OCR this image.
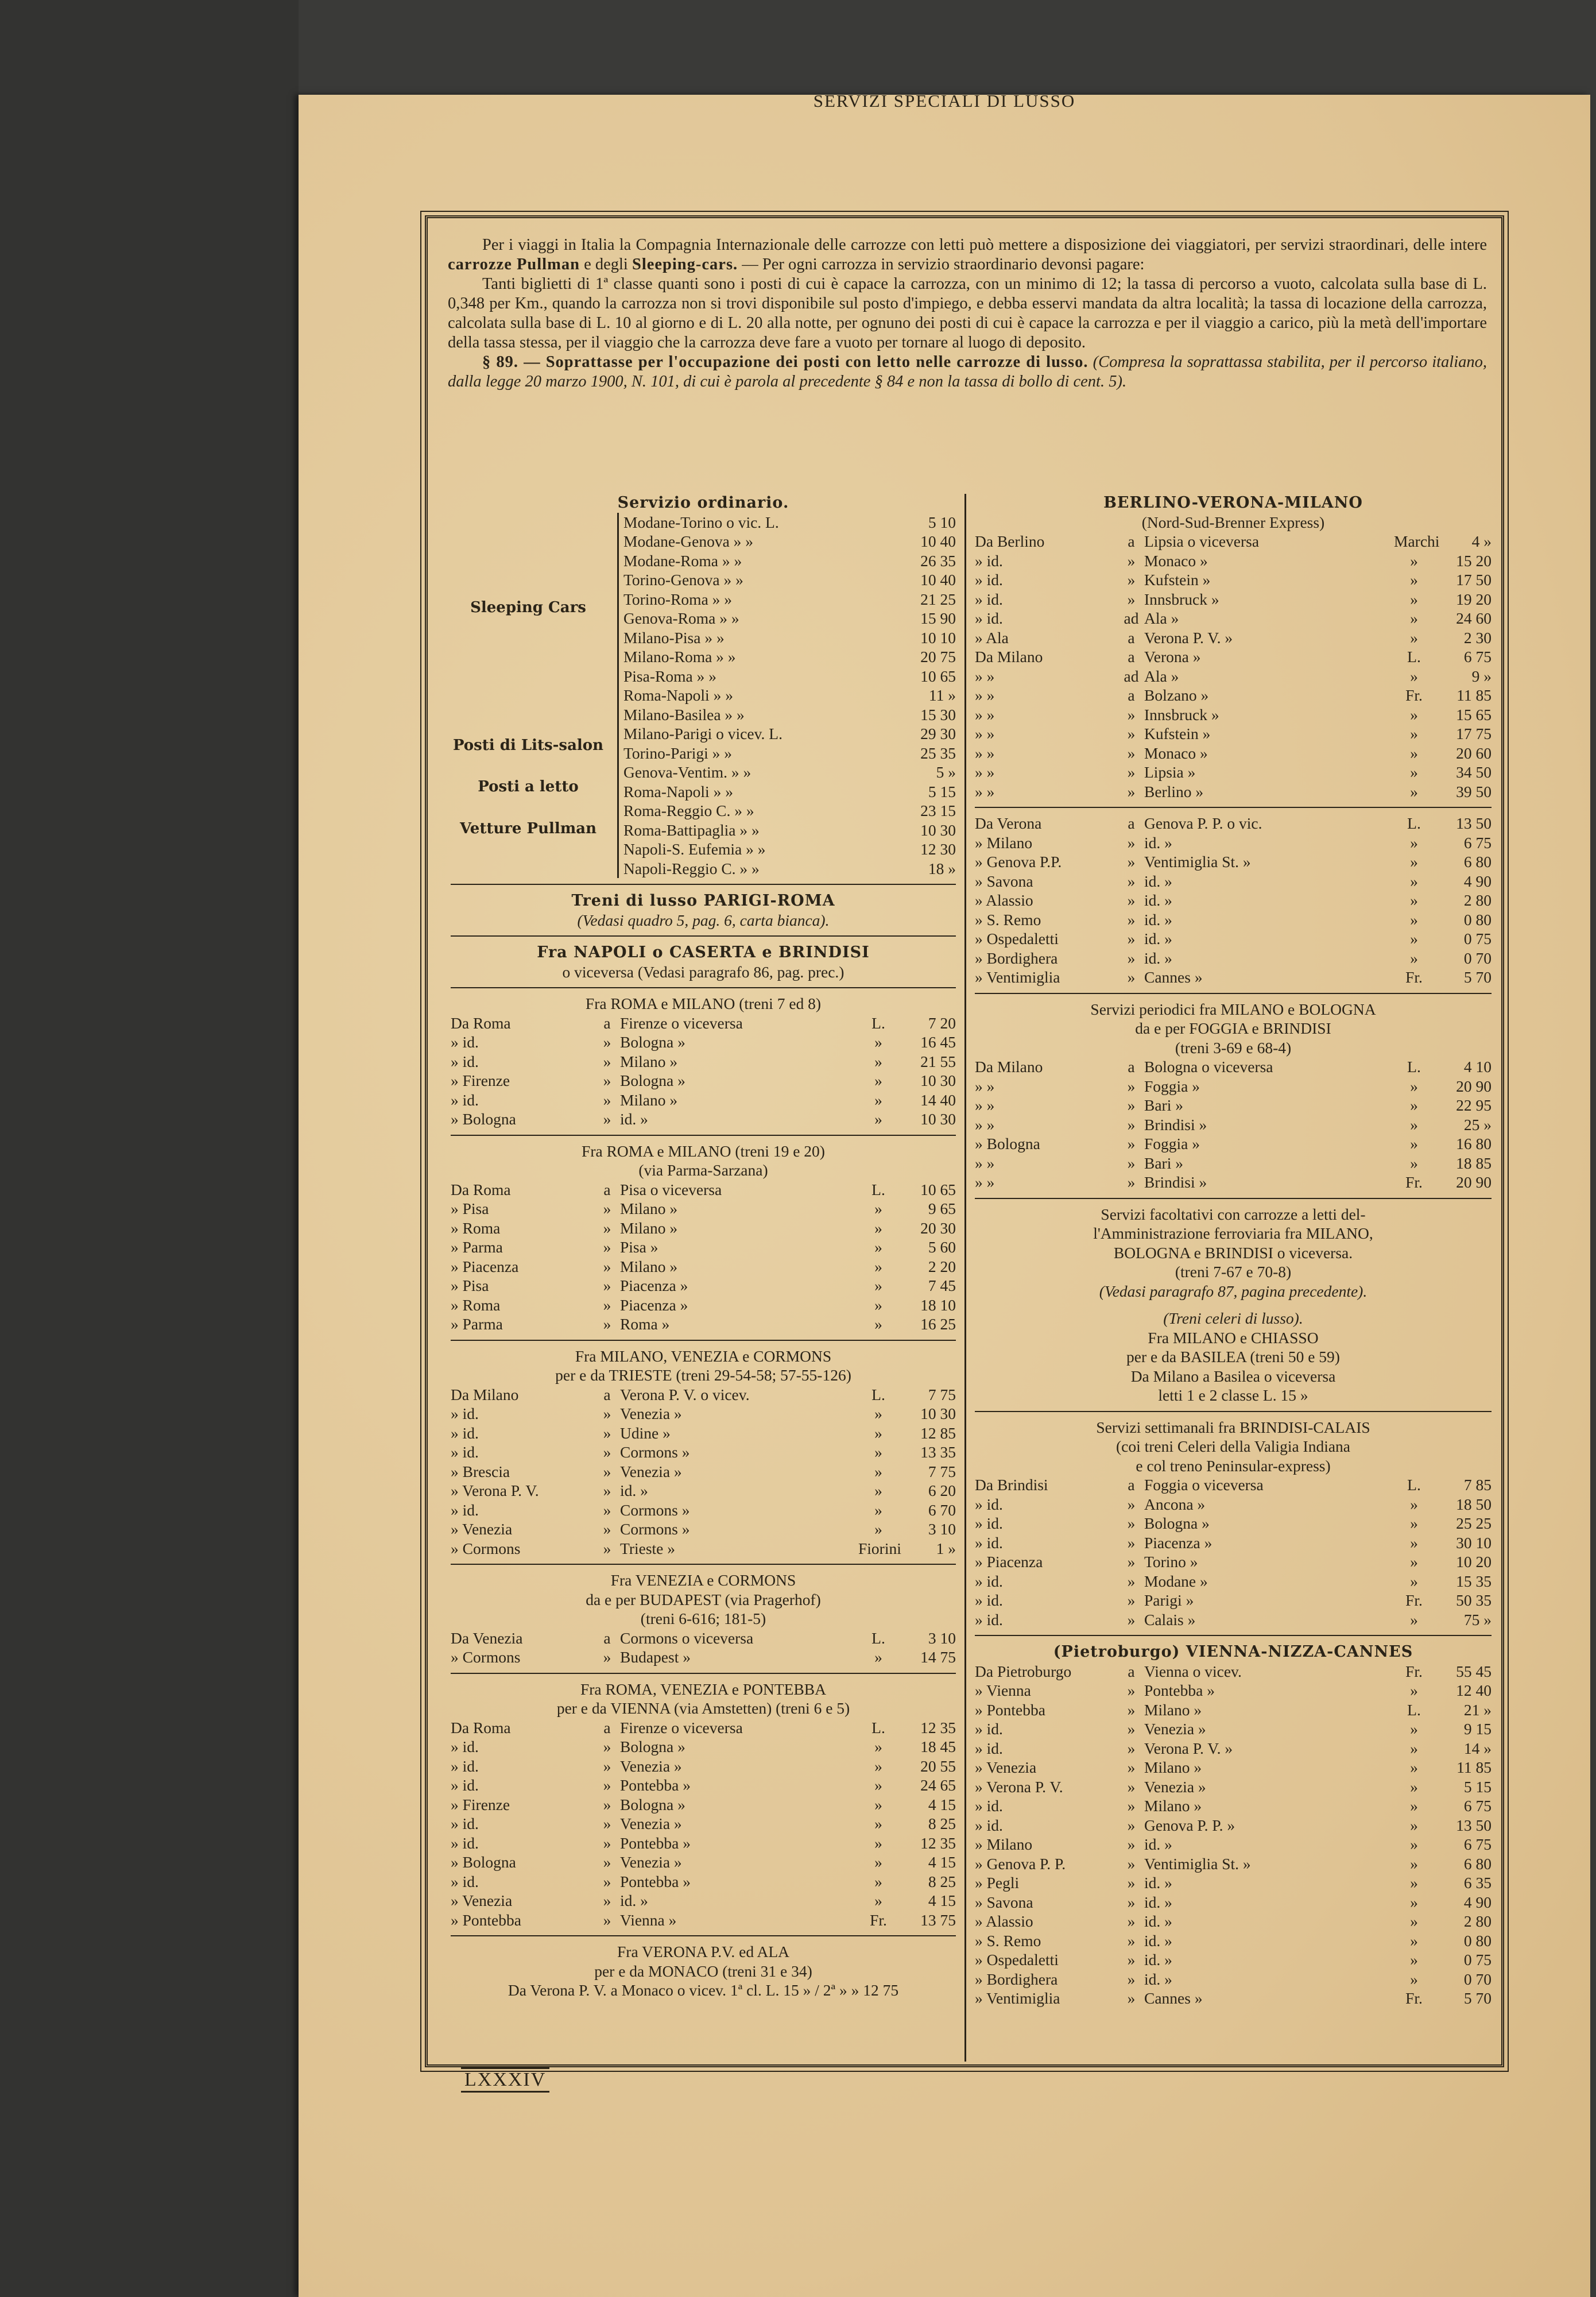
SERVIZI SPECIALI DI LUSSO

Per i viaggi in Italia la Compagnia Internazionale delle carrozze con letti può mettere a disposizione dei viaggiatori, per servizi straordinari, delle intere carrozze Pullman e degli Sleeping-cars. — Per ogni carrozza in servizio straordinario devonsi pagare:

Tanti biglietti di 1ª classe quanti sono i posti di cui è capace la carrozza, con un minimo di 12; la tassa di percorso a vuoto, calcolata sulla base di L. 0,348 per Km., quando la carrozza non si trovi disponibile sul posto d'impiego, e debba esservi mandata da altra località; la tassa di locazione della carrozza, calcolata sulla base di L. 10 al giorno e di L. 20 alla notte, per ognuno dei posti di cui è capace la carrozza e per il viaggio a carico, più la metà dell'importare della tassa stessa, per il viaggio che la carrozza deve fare a vuoto per tornare al luogo di deposito.

§ 89. — Soprattasse per l'occupazione dei posti con letto nelle carrozze di lusso. (Compresa la soprattassa stabilita, per il percorso italiano, dalla legge 20 marzo 1900, N. 101, di cui è parola al precedente § 84 e non la tassa di bollo di cent. 5).

Servizio ordinario.
Sleeping Cars
Posti di Lits-salon
Posti a letto
Vetture Pullman
Modane-Torino o vic. L.	5 10
Modane-Genova » »	10 40
Modane-Roma » »	26 35
Torino-Genova » »	10 40
Torino-Roma » »	21 25
Genova-Roma » »	15 90
Milano-Pisa » »	10 10
Milano-Roma » »	20 75
Pisa-Roma » »	10 65
Roma-Napoli » »	11 »
Milano-Basilea » »	15 30
Milano-Parigi o vicev. L.	29 30
Torino-Parigi » »	25 35
Genova-Ventim. » »	5 »
Roma-Napoli » »	5 15
Roma-Reggio C. » »	23 15
Roma-Battipaglia » »	10 30
Napoli-S. Eufemia » »	12 30
Napoli-Reggio C. » »	18 »
Treni di lusso PARIGI-ROMA
(Vedasi quadro 5, pag. 6, carta bianca).
Fra NAPOLI o CASERTA e BRINDISI
o viceversa (Vedasi paragrafo 86, pag. prec.)
Fra ROMA e MILANO (treni 7 ed 8)
Da Roma	a Firenze o viceversa	L.	7 20
» id.	» Bologna »	»	16 45
» id.	» Milano »	»	21 55
» Firenze	» Bologna »	»	10 30
» id.	» Milano »	»	14 40
» Bologna	» id. »	»	10 30
Fra ROMA e MILANO (treni 19 e 20)
(via Parma-Sarzana)
Da Roma	a Pisa o viceversa	L.	10 65
» Pisa	» Milano »	»	9 65
» Roma	» Milano »	»	20 30
» Parma	» Pisa »	»	5 60
» Piacenza	» Milano »	»	2 20
» Pisa	» Piacenza »	»	7 45
» Roma	» Piacenza »	»	18 10
» Parma	» Roma »	»	16 25
Fra MILANO, VENEZIA e CORMONS
per e da TRIESTE (treni 29-54-58; 57-55-126)
Da Milano	a Verona P. V. o vicev.	L.	7 75
» id.	» Venezia »	»	10 30
» id.	» Udine »	»	12 85
» id.	» Cormons »	»	13 35
» Brescia	» Venezia »	»	7 75
» Verona P. V.	» id. »	»	6 20
» id.	» Cormons »	»	6 70
» Venezia	» Cormons »	»	3 10
» Cormons	» Trieste »	Fiorini	1 »
Fra VENEZIA e CORMONS
da e per BUDAPEST (via Pragerhof)
(treni 6-616; 181-5)
Da Venezia	a Cormons o viceversa	L.	3 10
» Cormons	» Budapest »	»	14 75
Fra ROMA, VENEZIA e PONTEBBA
per e da VIENNA (via Amstetten) (treni 6 e 5)
Da Roma	a Firenze o viceversa	L.	12 35
» id.	» Bologna »	»	18 45
» id.	» Venezia »	»	20 55
» id.	» Pontebba »	»	24 65
» Firenze	» Bologna »	»	4 15
» id.	» Venezia »	»	8 25
» id.	» Pontebba »	»	12 35
» Bologna	» Venezia »	»	4 15
» id.	» Pontebba »	»	8 25
» Venezia	» id. »	»	4 15
» Pontebba	» Vienna »	Fr.	13 75
Fra VERONA P.V. ed ALA
per e da MONACO (treni 31 e 34)
Da Verona P. V. a Monaco o vicev. 1ª cl. L. 15 » / 2ª » » 12 75
BERLINO-VERONA-MILANO
(Nord-Sud-Brenner Express)
Da Berlino	a Lipsia o viceversa	Marchi	4 »
» id.	» Monaco »	»	15 20
» id.	» Kufstein »	»	17 50
» id.	» Innsbruck »	»	19 20
» id.	ad Ala »	»	24 60
» Ala	a Verona P. V. »	»	2 30
Da Milano	a Verona »	L.	6 75
» »	ad Ala »	»	9 »
» »	a Bolzano »	Fr.	11 85
» »	» Innsbruck »	»	15 65
» »	» Kufstein »	»	17 75
» »	» Monaco »	»	20 60
» »	» Lipsia »	»	34 50
» »	» Berlino »	»	39 50
Da Verona	a Genova P. P. o vic.	L.	13 50
» Milano	» id. »	»	6 75
» Genova P.P.	» Ventimiglia St. »	»	6 80
» Savona	» id. »	»	4 90
» Alassio	» id. »	»	2 80
» S. Remo	» id. »	»	0 80
» Ospedaletti	» id. »	»	0 75
» Bordighera	» id. »	»	0 70
» Ventimiglia	» Cannes »	Fr.	5 70
Servizi periodici fra MILANO e BOLOGNA
da e per FOGGIA e BRINDISI
(treni 3-69 e 68-4)
Da Milano	a Bologna o viceversa	L.	4 10
» »	» Foggia »	»	20 90
» »	» Bari »	»	22 95
» »	» Brindisi »	»	25 »
» Bologna	» Foggia »	»	16 80
» »	» Bari »	»	18 85
» »	» Brindisi »	Fr.	20 90
Servizi facoltativi con carrozze a letti del-
l'Amministrazione ferroviaria fra MILANO,
BOLOGNA e BRINDISI o viceversa.
(treni 7-67 e 70-8)
(Vedasi paragrafo 87, pagina precedente).
(Treni celeri di lusso).
Fra MILANO e CHIASSO
per e da BASILEA (treni 50 e 59)
Da Milano a Basilea o viceversa
letti 1 e 2 classe L. 15 »
Servizi settimanali fra BRINDISI-CALAIS
(coi treni Celeri della Valigia Indiana
e col treno Peninsular-express)
Da Brindisi	a Foggia o viceversa	L.	7 85
» id.	» Ancona »	»	18 50
» id.	» Bologna »	»	25 25
» id.	» Piacenza »	»	30 10
» Piacenza	» Torino »	»	10 20
» id.	» Modane »	»	15 35
» id.	» Parigi »	Fr.	50 35
» id.	» Calais »	»	75 »
(Pietroburgo) VIENNA-NIZZA-CANNES
Da Pietroburgo	a Vienna o vicev.	Fr.	55 45
» Vienna	» Pontebba »	»	12 40
» Pontebba	» Milano »	L.	21 »
» id.	» Venezia »	»	9 15
» id.	» Verona P. V. »	»	14 »
» Venezia	» Milano »	»	11 85
» Verona P. V.	» Venezia »	»	5 15
» id.	» Milano »	»	6 75
» id.	» Genova P. P. »	»	13 50
» Milano	» id. »	»	6 75
» Genova P. P.	» Ventimiglia St. »	»	6 80
» Pegli	» id. »	»	6 35
» Savona	» id. »	»	4 90
» Alassio	» id. »	»	2 80
» S. Remo	» id. »	»	0 80
» Ospedaletti	» id. »	»	0 75
» Bordighera	» id. »	»	0 70
» Ventimiglia	» Cannes »	Fr.	5 70
LXXXIV
